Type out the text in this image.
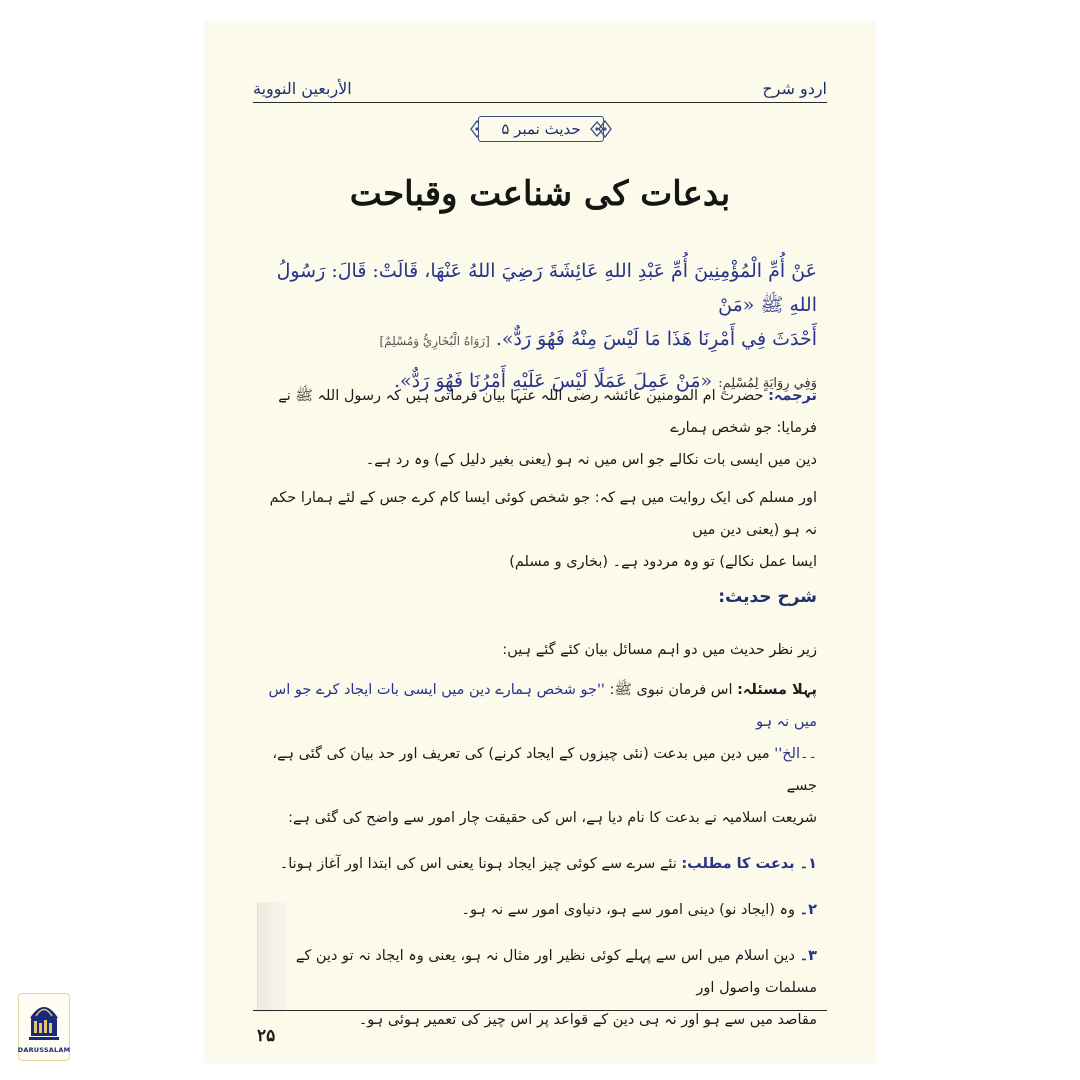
اردو شرح
الأربعين النووية
حدیث نمبر ۵
بدعات کی شناعت وقباحت
عَنْ أُمِّ الْمُؤْمِنِينَ أُمِّ عَبْدِ اللهِ عَائِشَةَ رَضِيَ اللهُ عَنْهَا، قَالَتْ: قَالَ: رَسُولُ اللهِ ﷺ «مَنْ
أَحْدَثَ فِي أَمْرِنَا هَذَا مَا لَيْسَ مِنْهُ فَهُوَ رَدٌّ». [رَوَاهُ الْبُخَارِيُّ وَمُسْلِمٌ]
وَفِي رِوَايَةٍ لِمُسْلِمٍ: «مَنْ عَمِلَ عَمَلًا لَيْسَ عَلَيْهِ أَمْرُنَا فَهُوَ رَدٌّ».
ترجمہ: حضرت ام المومنین عائشہ رضی اللہ عنہا بیان فرماتی ہیں کہ رسول اللہ ﷺ نے فرمایا: جو شخص ہمارے
دین میں ایسی بات نکالے جو اس میں نہ ہو (یعنی بغیر دلیل کے) وہ رد ہے۔
اور مسلم کی ایک روایت میں ہے کہ: جو شخص کوئی ایسا کام کرے جس کے لئے ہمارا حکم نہ ہو (یعنی دین میں
ایسا عمل نکالے) تو وہ مردود ہے۔ (بخاری و مسلم)
شرح حدیث:
زیر نظر حدیث میں دو اہم مسائل بیان کئے گئے ہیں:
پہلا مسئلہ: اس فرمان نبوی ﷺ: ''جو شخص ہمارے دین میں ایسی بات ایجاد کرے جو اس میں نہ ہو
۔۔الخ'' میں دین میں بدعت (نئی چیزوں کے ایجاد کرنے) کی تعریف اور حد بیان کی گئی ہے، جسے
شریعت اسلامیہ نے بدعت کا نام دیا ہے، اس کی حقیقت چار امور سے واضح کی گئی ہے:
۱۔ بدعت کا مطلب: نئے سرے سے کوئی چیز ایجاد ہونا یعنی اس کی ابتدا اور آغاز ہونا۔
۲۔ وہ (ایجاد نو) دینی امور سے ہو، دنیاوی امور سے نہ ہو۔
۳۔ دین اسلام میں اس سے پہلے کوئی نظیر اور مثال نہ ہو، یعنی وہ ایجاد نہ تو دین کے مسلمات واصول اور
مقاصد میں سے ہو اور نہ ہی دین کے قواعد پر اس چیز کی تعمیر ہوئی ہو۔
۲۵
DARUSSALAM
